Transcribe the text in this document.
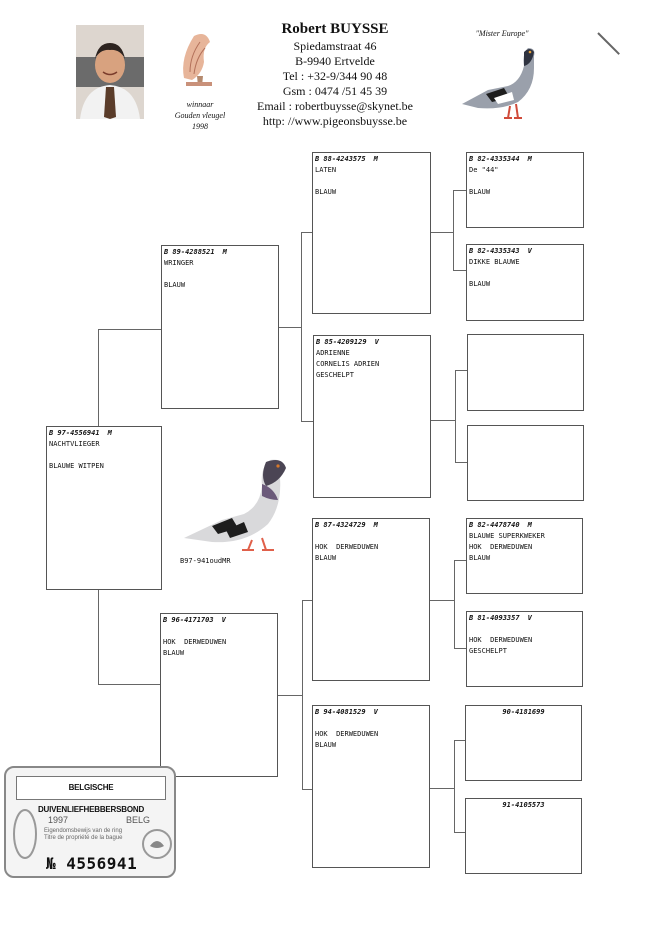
winnaar
Gouden vleugel
1998
Robert BUYSSE
Spiedamstraat 46
B-9940 Ertvelde
Tel : +32-9/344 90 48
Gsm : 0474 /51 45 39
Email : robertbuysse@skynet.be
http: //www.pigeonsbuysse.be
"Mister Europe"
B 97-4556941 M
NACHTVLIEGER
BLAUWE WITPEN
B 89-4288521 M
WRINGER
BLAUW
B 96-4171703 V
HOK  DERWEDUWEN
BLAUW
B97-941oudMR
B 88-4243575 M
LATEN
BLAUW
B 85-4209129 V
ADRIENNE
CORNELIS ADRIEN
GESCHELPT
B 87-4324729 M
HOK  DERWEDUWEN
BLAUW
B 94-4081529 V
HOK  DERWEDUWEN
BLAUW
B 82-4335344 M
De "44"
BLAUW
B 82-4335343 V
DIKKE BLAUWE
BLAUW
B 82-4478740 M
BLAUWE SUPERKWEKER
HOK  DERWEDUWEN
BLAUW
B 81-4093357 V
HOK  DERWEDUWEN
GESCHELPT
90-4181699
91-4105573
BELGISCHE DUIVENLIEFHEBBERSBOND
1997	BELG
Eigendomsbewijs van de ring
Titre de propriété de la bague
№ 4556941
